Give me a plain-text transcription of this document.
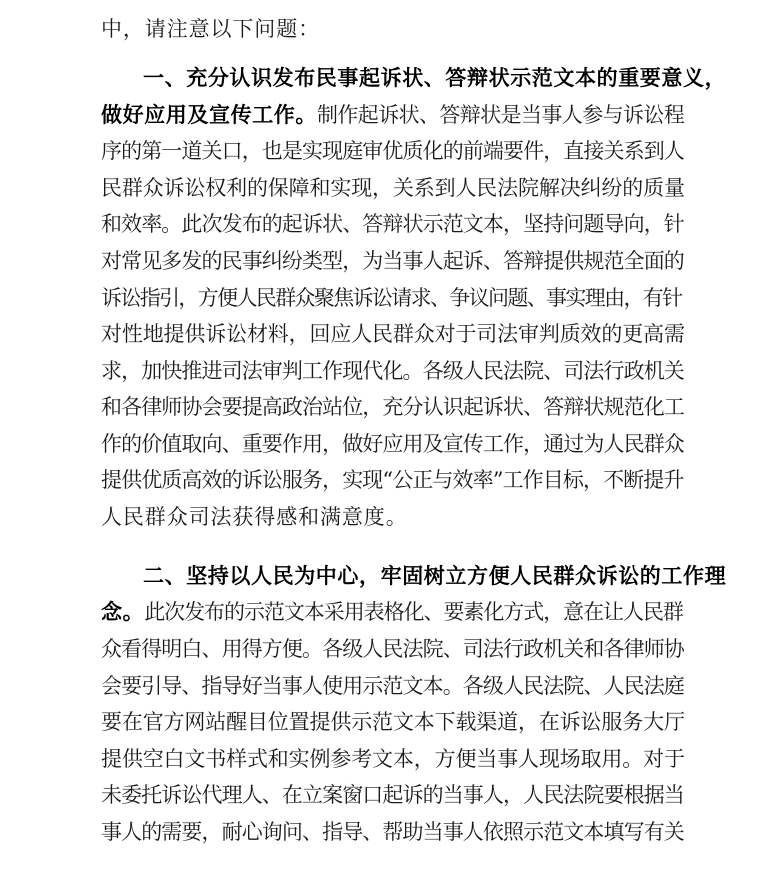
中，请注意以下问题：
一、充分认识发布民事起诉状、答辩状示范文本的重要意义，
做好应用及宣传工作。制作起诉状、答辩状是当事人参与诉讼程
序的第一道关口，也是实现庭审优质化的前端要件，直接关系到人
民群众诉讼权利的保障和实现，关系到人民法院解决纠纷的质量
和效率。此次发布的起诉状、答辩状示范文本，坚持问题导向，针
对常见多发的民事纠纷类型，为当事人起诉、答辩提供规范全面的
诉讼指引，方便人民群众聚焦诉讼请求、争议问题、事实理由，有针
对性地提供诉讼材料，回应人民群众对于司法审判质效的更高需
求，加快推进司法审判工作现代化。各级人民法院、司法行政机关
和各律师协会要提高政治站位，充分认识起诉状、答辩状规范化工
作的价值取向、重要作用，做好应用及宣传工作，通过为人民群众
提供优质高效的诉讼服务，实现“公正与效率”工作目标，不断提升
人民群众司法获得感和满意度。
二、坚持以人民为中心，牢固树立方便人民群众诉讼的工作理
念。此次发布的示范文本采用表格化、要素化方式，意在让人民群
众看得明白、用得方便。各级人民法院、司法行政机关和各律师协
会要引导、指导好当事人使用示范文本。各级人民法院、人民法庭
要在官方网站醒目位置提供示范文本下载渠道，在诉讼服务大厅
提供空白文书样式和实例参考文本，方便当事人现场取用。对于
未委托诉讼代理人、在立案窗口起诉的当事人，人民法院要根据当
事人的需要，耐心询问、指导、帮助当事人依照示范文本填写有关
